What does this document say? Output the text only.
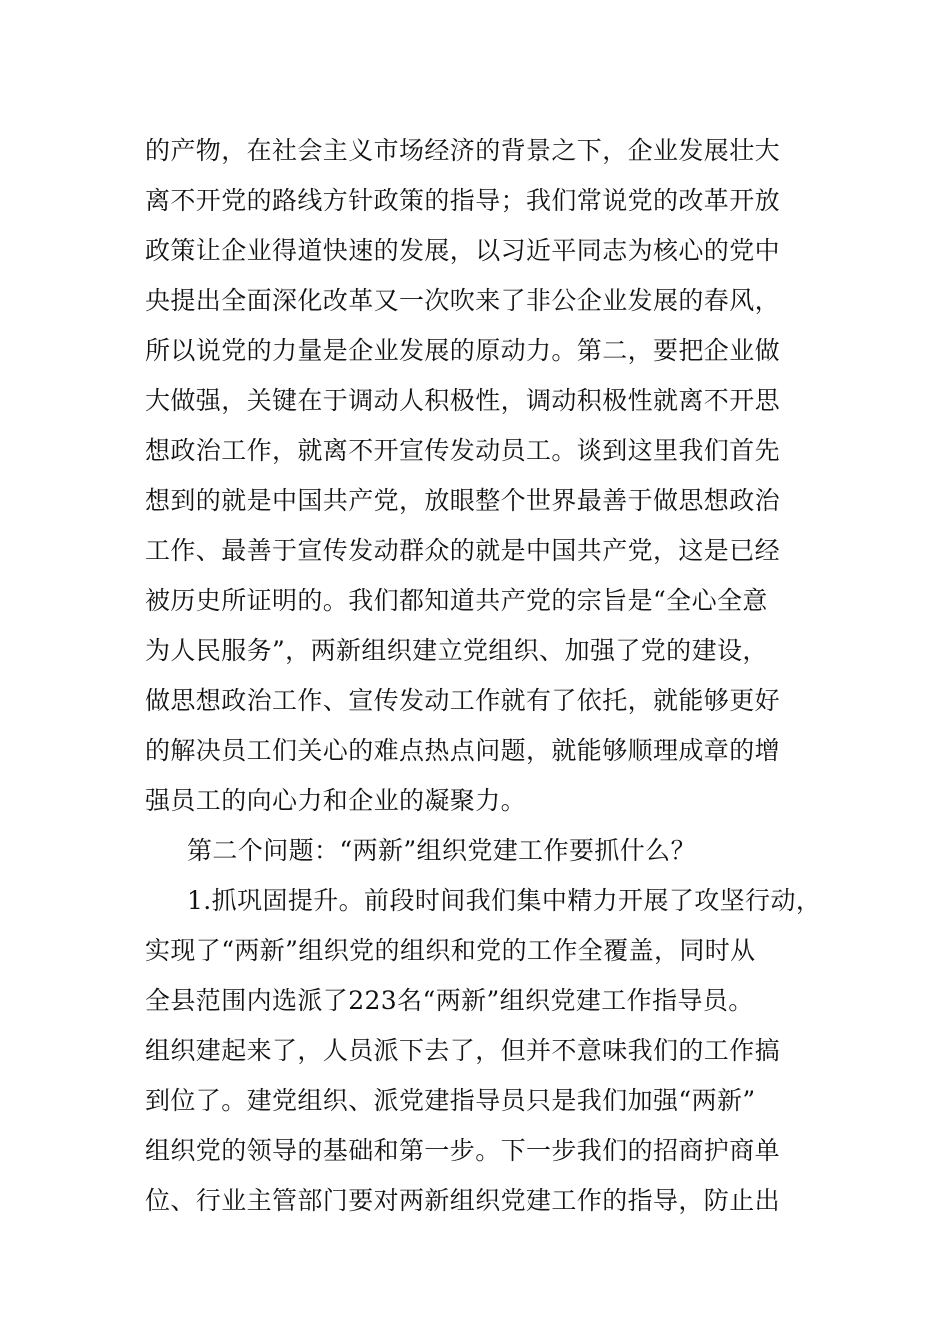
的产物，在社会主义市场经济的背景之下，企业发展壮大
离不开党的路线方针政策的指导；我们常说党的改革开放
政策让企业得道快速的发展，以习近平同志为核心的党中
央提出全面深化改革又一次吹来了非公企业发展的春风，
所以说党的力量是企业发展的原动力。第二，要把企业做
大做强，关键在于调动人积极性，调动积极性就离不开思
想政治工作，就离不开宣传发动员工。谈到这里我们首先
想到的就是中国共产党，放眼整个世界最善于做思想政治
工作、最善于宣传发动群众的就是中国共产党，这是已经
被历史所证明的。我们都知道共产党的宗旨是“全心全意
为人民服务”，两新组织建立党组织、加强了党的建设，
做思想政治工作、宣传发动工作就有了依托，就能够更好
的解决员工们关心的难点热点问题，就能够顺理成章的增
强员工的向心力和企业的凝聚力。
第二个问题：“两新”组织党建工作要抓什么？
1.抓巩固提升。前段时间我们集中精力开展了攻坚行动，
实现了“两新”组织党的组织和党的工作全覆盖，同时从
全县范围内选派了223名“两新”组织党建工作指导员。
组织建起来了，人员派下去了，但并不意味我们的工作搞
到位了。建党组织、派党建指导员只是我们加强“两新”
组织党的领导的基础和第一步。下一步我们的招商护商单
位、行业主管部门要对两新组织党建工作的指导，防止出
